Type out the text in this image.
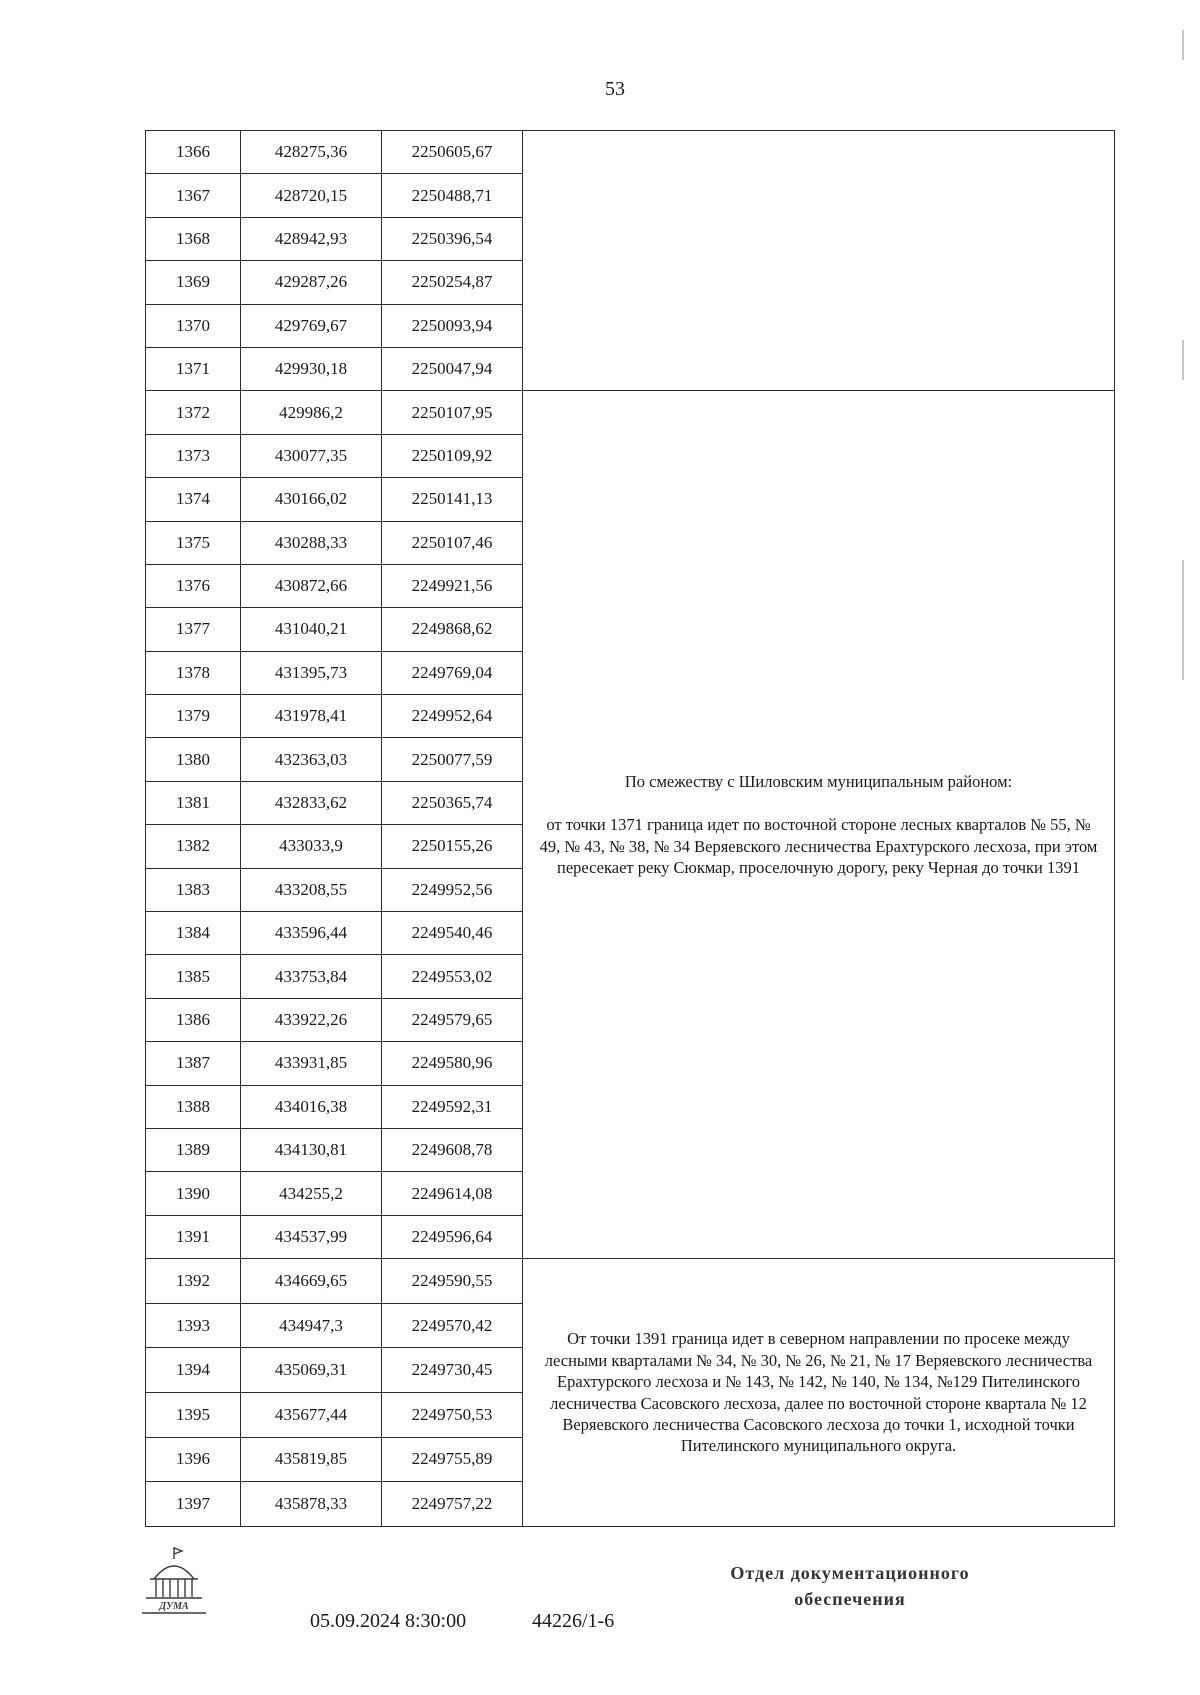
53
1366	428275,36	2250605,67	
1367	428720,15	2250488,71	
1368	428942,93	2250396,54	
1369	429287,26	2250254,87	
1370	429769,67	2250093,94	
1371	429930,18	2250047,94	
1372	429986,2	2250107,95	По смежеству с Шиловским муниципальным районом:
от точки 1371 граница идет по восточной стороне лесных кварталов № 55, № 49, № 43, № 38, № 34 Веряевского лесничества Ерахтурского лесхоза, при этом пересекает реку Сюкмар, проселочную дорогу, реку Черная до точки 1391

1373	430077,35	2250109,92	
1374	430166,02	2250141,13	
1375	430288,33	2250107,46	
1376	430872,66	2249921,56	
1377	431040,21	2249868,62	
1378	431395,73	2249769,04	
1379	431978,41	2249952,64	
1380	432363,03	2250077,59	
1381	432833,62	2250365,74	
1382	433033,9	2250155,26	
1383	433208,55	2249952,56	
1384	433596,44	2249540,46	
1385	433753,84	2249553,02	
1386	433922,26	2249579,65	
1387	433931,85	2249580,96	
1388	434016,38	2249592,31	
1389	434130,81	2249608,78	
1390	434255,2	2249614,08	
1391	434537,99	2249596,64	
1392	434669,65	2249590,55	От точки 1391 граница идет в северном направлении по просеке между лесными кварталами № 34, № 30, № 26, № 21, № 17 Веряевского лесничества Ерахтурского лесхоза и № 143, № 142, № 140, № 134, №129 Пителинского лесничества Сасовского лесхоза, далее по восточной стороне квартала № 12 Веряевского лесничества Сасовского лесхоза до точки 1, исходной точки Пителинского муниципального округа.

1393	434947,3	2249570,42	
1394	435069,31	2249730,45	
1395	435677,44	2249750,53	
1396	435819,85	2249755,89	
1397	435878,33	2249757,22	
ДУМА
05.09.2024 8:30:00	44226/1-6
Отдел документационного
обеспечения
